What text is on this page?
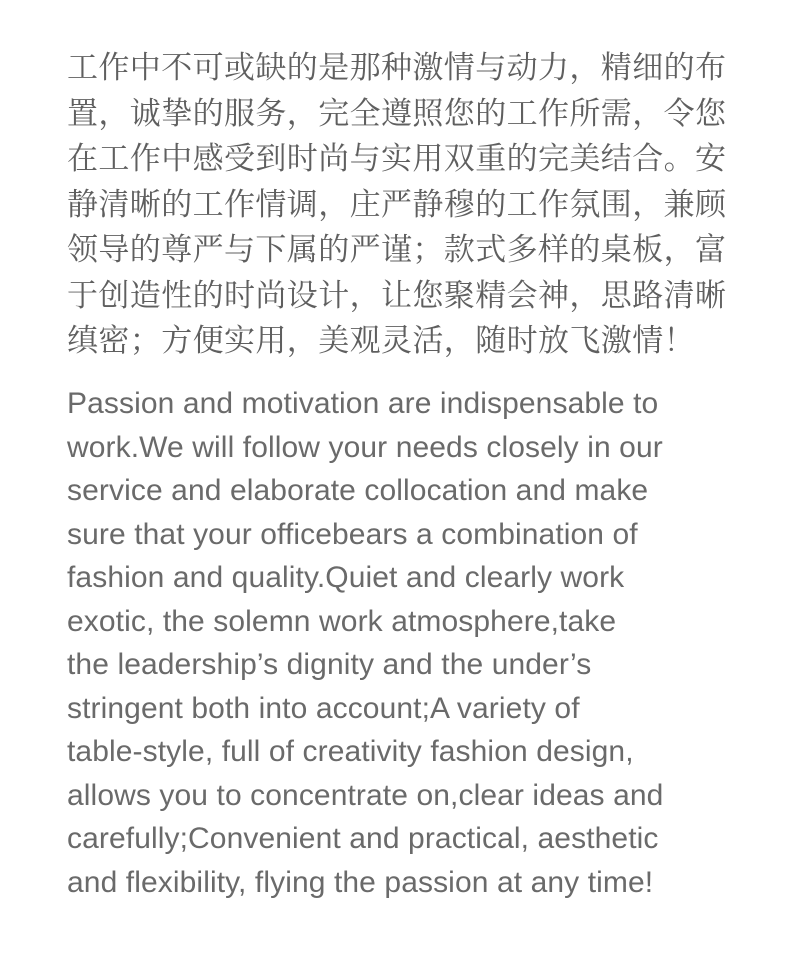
工作中不可或缺的是那种激情与动力，精细的布
置，诚挚的服务，完全遵照您的工作所需，令您
在工作中感受到时尚与实用双重的完美结合。安
静清晰的工作情调，庄严静穆的工作氛围，兼顾
领导的尊严与下属的严谨；款式多样的桌板，富
于创造性的时尚设计，让您聚精会神，思路清晰
缜密；方便实用，美观灵活，随时放飞激情！
Passion and motivation are indispensable to
work.We will follow your needs closely in our
service and elaborate collocation and make
sure that your officebears a combination of
fashion and quality.Quiet and clearly work
exotic, the solemn work atmosphere,take
the leadership’s dignity and the under’s
stringent both into account;A variety of
table-style, full of creativity fashion design,
allows you to concentrate on,clear ideas and
carefully;Convenient and practical, aesthetic
and flexibility, flying the passion at any time!
